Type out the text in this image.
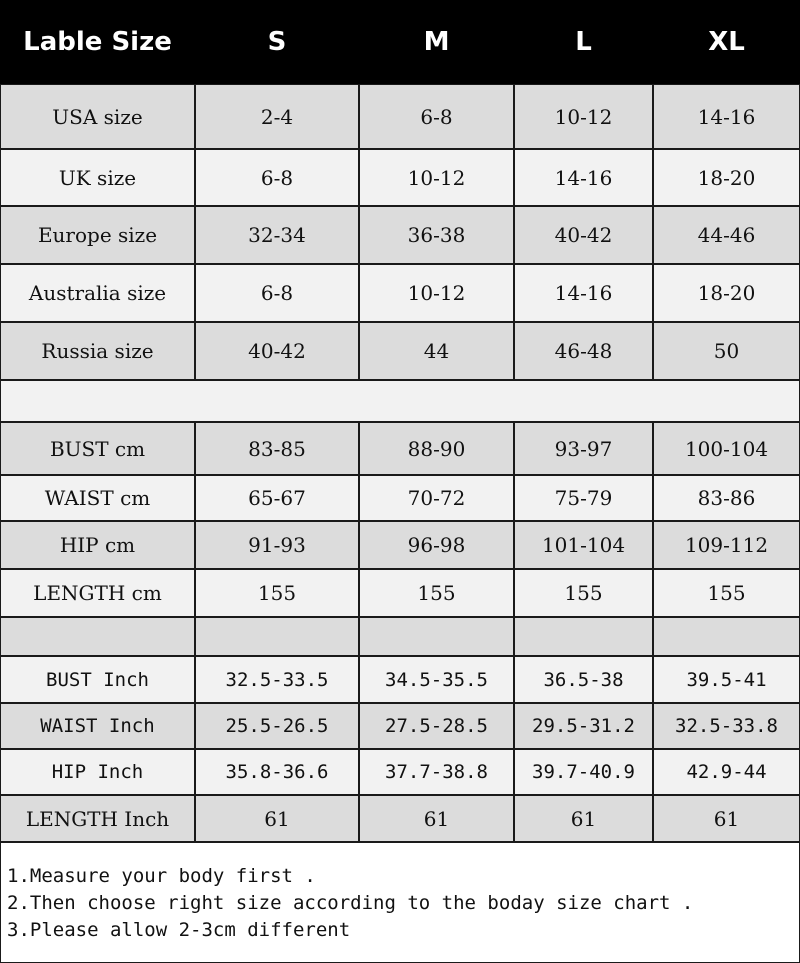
Lable Size	S	M	L	XL
USA size	2-4	6-8	10-12	14-16
UK size	6-8	10-12	14-16	18-20
Europe size	32-34	36-38	40-42	44-46
Australia size	6-8	10-12	14-16	18-20
Russia size	40-42	44	46-48	50
BUST cm	83-85	88-90	93-97	100-104
WAIST cm	65-67	70-72	75-79	83-86
HIP cm	91-93	96-98	101-104	109-112
LENGTH cm	155	155	155	155
BUST Inch	32.5-33.5	34.5-35.5	36.5-38	39.5-41
WAIST Inch	25.5-26.5	27.5-28.5	29.5-31.2	32.5-33.8
HIP Inch	35.8-36.6	37.7-38.8	39.7-40.9	42.9-44
LENGTH Inch	61	61	61	61
1.Measure your body first .
2.Then choose right size according to the boday size chart .
3.Please allow 2-3cm different
